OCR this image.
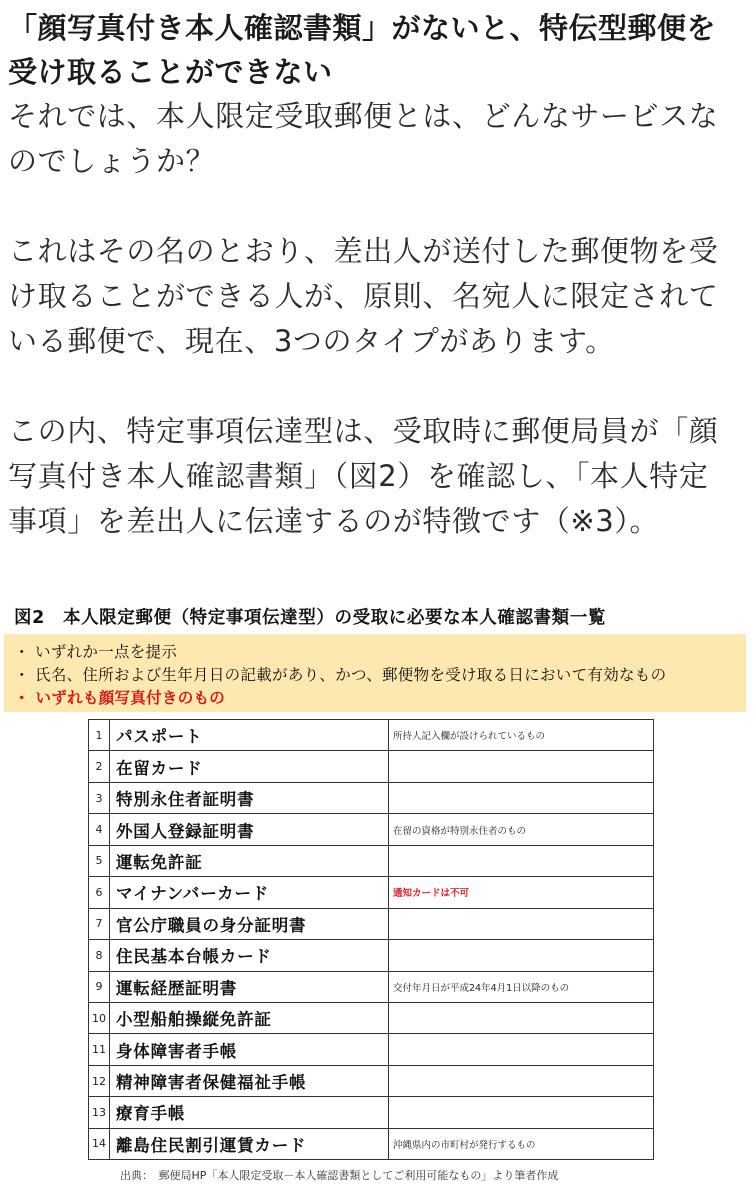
「顔写真付き本人確認書類」がないと、特伝型郵便を
受け取ることができない
それでは、本人限定受取郵便とは、どんなサービスな
のでしょうか？
これはその名のとおり、差出人が送付した郵便物を受
け取ることができる人が、原則、名宛人に限定されて
いる郵便で、現在、3つのタイプがあります。
この内、特定事項伝達型は、受取時に郵便局員が「顔
写真付き本人確認書類」（図2）を確認し、「本人特定
事項」を差出人に伝達するのが特徴です（※3）。
図2　本人限定郵便（特定事項伝達型）の受取に必要な本人確認書類一覧
・ いずれか一点を提示
・ 氏名、住所および生年月日の記載があり、かつ、郵便物を受け取る日において有効なもの
・ いずれも顔写真付きのもの
1	パスポート	所持人記入欄が設けられているもの
2	在留カード	
3	特別永住者証明書	
4	外国人登録証明書	在留の資格が特別永住者のもの
5	運転免許証	
6	マイナンバーカード	通知カードは不可
7	官公庁職員の身分証明書	
8	住民基本台帳カード	
9	運転経歴証明書	交付年月日が平成24年4月1日以降のもの
10	小型船舶操縦免許証	
11	身体障害者手帳	
12	精神障害者保健福祉手帳	
13	療育手帳	
14	離島住民割引運賃カード	沖縄県内の市町村が発行するもの
出典：　郵便局HP「本人限定受取－本人確認書類としてご利用可能なもの」より筆者作成
